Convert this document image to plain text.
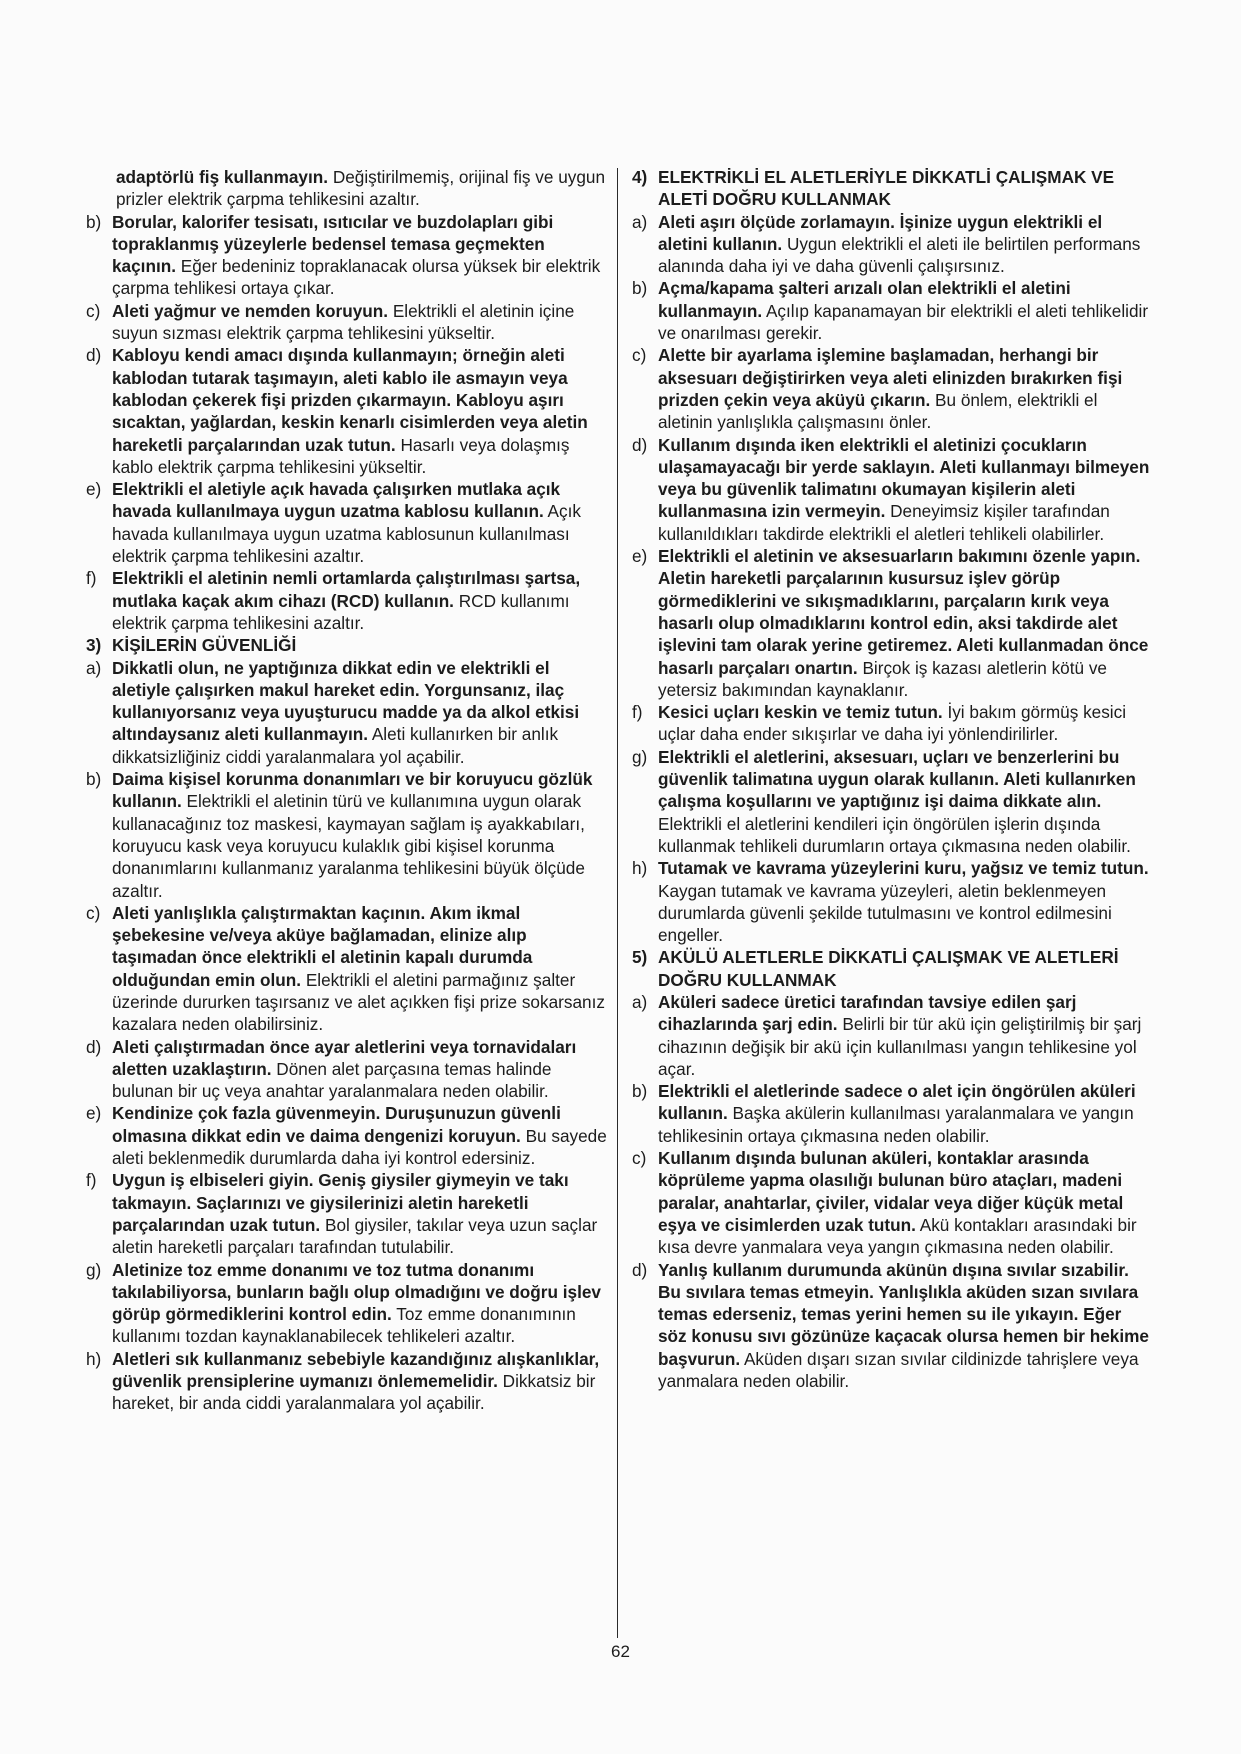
adaptörlü fiş kullanmayın. Değiştirilmemiş, orijinal fiş ve uygun prizler elektrik çarpma tehlikesini azaltır.
b) Borular, kalorifer tesisatı, ısıtıcılar ve buzdolapları gibi topraklanmış yüzeylerle bedensel temasa geçmekten kaçının. Eğer bedeniniz topraklanacak olursa yüksek bir elektrik çarpma tehlikesi ortaya çıkar.
c) Aleti yağmur ve nemden koruyun. Elektrikli el aletinin içine suyun sızması elektrik çarpma tehlikesini yükseltir.
d) Kabloyu kendi amacı dışında kullanmayın; örneğin aleti kablodan tutarak taşımayın, aleti kablo ile asmayın veya kablodan çekerek fişi prizden çıkarmayın. Kabloyu aşırı sıcaktan, yağlardan, keskin kenarlı cisimlerden veya aletin hareketli parçalarından uzak tutun. Hasarlı veya dolaşmış kablo elektrik çarpma tehlikesini yükseltir.
e) Elektrikli el aletiyle açık havada çalışırken mutlaka açık havada kullanılmaya uygun uzatma kablosu kullanın. Açık havada kullanılmaya uygun uzatma kablosunun kullanılması elektrik çarpma tehlikesini azaltır.
f) Elektrikli el aletinin nemli ortamlarda çalıştırılması şartsa, mutlaka kaçak akım cihazı (RCD) kullanın. RCD kullanımı elektrik çarpma tehlikesini azaltır.
3) KİŞİLERİN GÜVENLİĞİ
a) Dikkatli olun, ne yaptığınıza dikkat edin ve elektrikli el aletiyle çalışırken makul hareket edin. Yorgunsanız, ilaç kullanıyorsanız veya uyuşturucu madde ya da alkol etkisi altındaysanız aleti kullanmayın. Aleti kullanırken bir anlık dikkatsizliğiniz ciddi yaralanmalara yol açabilir.
b) Daima kişisel korunma donanımları ve bir koruyucu gözlük kullanın. Elektrikli el aletinin türü ve kullanımına uygun olarak kullanacağınız toz maskesi, kaymayan sağlam iş ayakkabıları, koruyucu kask veya koruyucu kulaklık gibi kişisel korunma donanımlarını kullanmanız yaralanma tehlikesini büyük ölçüde azaltır.
c) Aleti yanlışlıkla çalıştırmaktan kaçının. Akım ikmal şebekesine ve/veya aküye bağlamadan, elinize alıp taşımadan önce elektrikli el aletinin kapalı durumda olduğundan emin olun. Elektrikli el aletini parmağınız şalter üzerinde dururken taşırsanız ve alet açıkken fişi prize sokarsanız kazalara neden olabilirsiniz.
d) Aleti çalıştırmadan önce ayar aletlerini veya tornavidaları aletten uzaklaştırın. Dönen alet parçasına temas halinde bulunan bir uç veya anahtar yaralanmalara neden olabilir.
e) Kendinize çok fazla güvenmeyin. Duruşunuzun güvenli olmasına dikkat edin ve daima dengenizi koruyun. Bu sayede aleti beklenmedik durumlarda daha iyi kontrol edersiniz.
f) Uygun iş elbiseleri giyin. Geniş giysiler giymeyin ve takı takmayın. Saçlarınızı ve giysilerinizi aletin hareketli parçalarından uzak tutun. Bol giysiler, takılar veya uzun saçlar aletin hareketli parçaları tarafından tutulabilir.
g) Aletinize toz emme donanımı ve toz tutma donanımı takılabiliyorsa, bunların bağlı olup olmadığını ve doğru işlev görüp görmediklerini kontrol edin. Toz emme donanımının kullanımı tozdan kaynaklanabilecek tehlikeleri azaltır.
h) Aletleri sık kullanmanız sebebiyle kazandığınız alışkanlıklar, güvenlik prensiplerine uymanızı önlememelidir. Dikkatsiz bir hareket, bir anda ciddi yaralanmalara yol açabilir.
4) ELEKTRİKLİ EL ALETLERİYLE DİKKATLİ ÇALIŞMAK VE ALETİ DOĞRU KULLANMAK
a) Aleti aşırı ölçüde zorlamayın. İşinize uygun elektrikli el aletini kullanın. Uygun elektrikli el aleti ile belirtilen performans alanında daha iyi ve daha güvenli çalışırsınız.
b) Açma/kapama şalteri arızalı olan elektrikli el aletini kullanmayın. Açılıp kapanamayan bir elektrikli el aleti tehlikelidir ve onarılması gerekir.
c) Alette bir ayarlama işlemine başlamadan, herhangi bir aksesuarı değiştirirken veya aleti elinizden bırakırken fişi prizden çekin veya aküyü çıkarın. Bu önlem, elektrikli el aletinin yanlışlıkla çalışmasını önler.
d) Kullanım dışında iken elektrikli el aletinizi çocukların ulaşamayacağı bir yerde saklayın. Aleti kullanmayı bilmeyen veya bu güvenlik talimatını okumayan kişilerin aleti kullanmasına izin vermeyin. Deneyimsiz kişiler tarafından kullanıldıkları takdirde elektrikli el aletleri tehlikeli olabilirler.
e) Elektrikli el aletinin ve aksesuarların bakımını özenle yapın. Aletin hareketli parçalarının kusursuz işlev görüp görmediklerini ve sıkışmadıklarını, parçaların kırık veya hasarlı olup olmadıklarını kontrol edin, aksi takdirde alet işlevini tam olarak yerine getiremez. Aleti kullanmadan önce hasarlı parçaları onartın. Birçok iş kazası aletlerin kötü ve yetersiz bakımından kaynaklanır.
f) Kesici uçları keskin ve temiz tutun. İyi bakım görmüş kesici uçlar daha ender sıkışırlar ve daha iyi yönlendirilirler.
g) Elektrikli el aletlerini, aksesuarı, uçları ve benzerlerini bu güvenlik talimatına uygun olarak kullanın. Aleti kullanırken çalışma koşullarını ve yaptığınız işi daima dikkate alın. Elektrikli el aletlerini kendileri için öngörülen işlerin dışında kullanmak tehlikeli durumların ortaya çıkmasına neden olabilir.
h) Tutamak ve kavrama yüzeylerini kuru, yağsız ve temiz tutun. Kaygan tutamak ve kavrama yüzeyleri, aletin beklenmeyen durumlarda güvenli şekilde tutulmasını ve kontrol edilmesini engeller.
5) AKÜLÜ ALETLERLE DİKKATLİ ÇALIŞMAK VE ALETLERİ DOĞRU KULLANMAK
a) Aküleri sadece üretici tarafından tavsiye edilen şarj cihazlarında şarj edin. Belirli bir tür akü için geliştirilmiş bir şarj cihazının değişik bir akü için kullanılması yangın tehlikesine yol açar.
b) Elektrikli el aletlerinde sadece o alet için öngörülen aküleri kullanın. Başka akülerin kullanılması yaralanmalara ve yangın tehlikesinin ortaya çıkmasına neden olabilir.
c) Kullanım dışında bulunan aküleri, kontaklar arasında köprüleme yapma olasılığı bulunan büro ataçları, madeni paralar, anahtarlar, çiviler, vidalar veya diğer küçük metal eşya ve cisimlerden uzak tutun. Akü kontakları arasındaki bir kısa devre yanmalara veya yangın çıkmasına neden olabilir.
d) Yanlış kullanım durumunda akünün dışına sıvılar sızabilir. Bu sıvılara temas etmeyin. Yanlışlıkla aküden sızan sıvılara temas ederseniz, temas yerini hemen su ile yıkayın. Eğer söz konusu sıvı gözünüze kaçacak olursa hemen bir hekime başvurun. Aküden dışarı sızan sıvılar cildinizde tahrişlere veya yanmalara neden olabilir.
62
